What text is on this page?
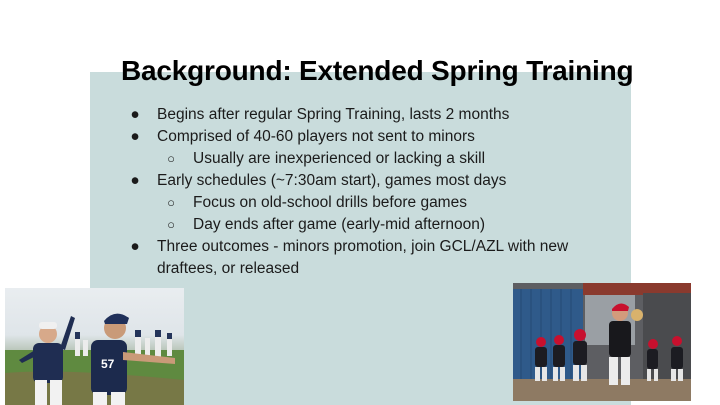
Background: Extended Spring Training
● Begins after regular Spring Training, lasts 2 months
● Comprised of 40-60 players not sent to minors
○ Usually are inexperienced or lacking a skill
● Early schedules (~7:30am start), games most days
○ Focus on old-school drills before games
○ Day ends after game (early-mid afternoon)
● Three outcomes - minors promotion, join GCL/AZL with new draftees, or released
57
